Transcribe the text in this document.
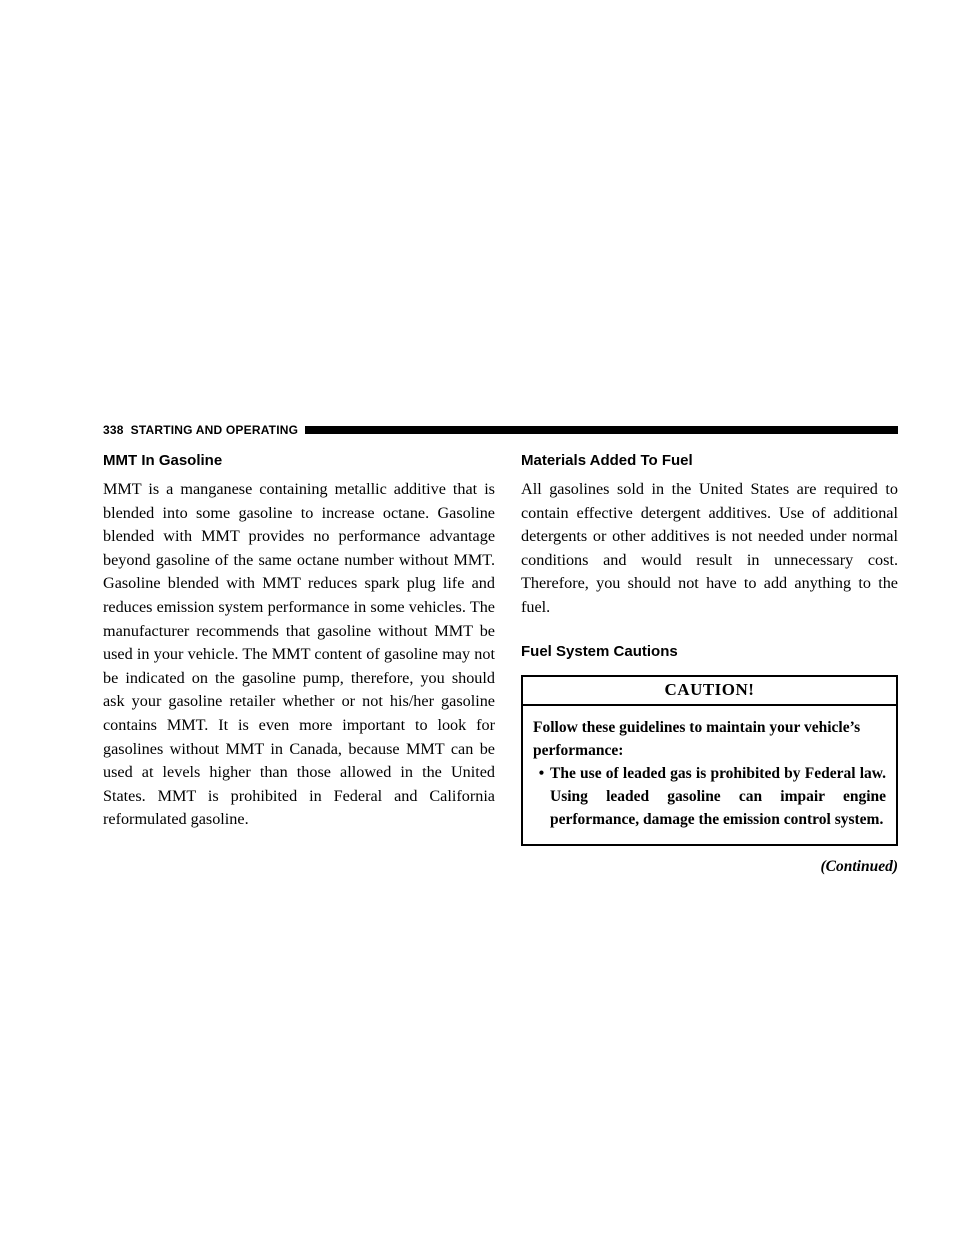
338 STARTING AND OPERATING
MMT In Gasoline

MMT is a manganese containing metallic additive that is blended into some gasoline to increase octane. Gasoline blended with MMT provides no performance advantage beyond gasoline of the same octane number without MMT. Gasoline blended with MMT reduces spark plug life and reduces emission system performance in some vehicles. The manufacturer recommends that gasoline without MMT be used in your vehicle. The MMT content of gasoline may not be indicated on the gasoline pump, therefore, you should ask your gasoline retailer whether or not his/her gasoline contains MMT. It is even more important to look for gasolines without MMT in Canada, because MMT can be used at levels higher than those allowed in the United States. MMT is prohibited in Federal and California reformulated gasoline.

Materials Added To Fuel

All gasolines sold in the United States are required to contain effective detergent additives. Use of additional detergents or other additives is not needed under normal conditions and would result in unnecessary cost. Therefore, you should not have to add anything to the fuel.

Fuel System Cautions
CAUTION!

Follow these guidelines to maintain your vehicle’s performance:

• The use of leaded gas is prohibited by Federal law. Using leaded gasoline can impair engine performance, damage the emission control system.
(Continued)
